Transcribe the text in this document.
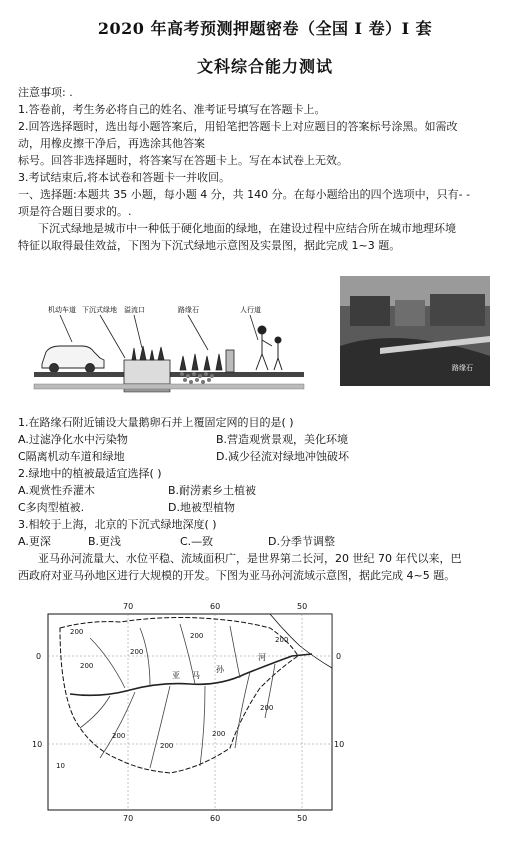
2020 年高考预测押题密卷（全国 I 卷）I 套
文科综合能力测试
注意事项: .
1.答卷前，考生务必将自己的姓名、准考证号填写在答题卡上。
2.回答选择题时，选出每小题答案后，用铅笔把答题卡上对应题目的答案标号涂黑。如需改
动，用橡皮擦干净后，再选涂其他答案
标号。回答非选择题时，将答案写在答题卡上。写在本试卷上无效。
3.考试结束后,将本试卷和答题卡一并收回。
一、选择题:本题共 35 小题，每小题 4 分，共 140 分。在每小题给出的四个选项中，只有- -
项是符合题目要求的。.
下沉式绿地是城市中一种低于硬化地面的绿地，在建设过程中应结合所在城市地理环境
特征以取得最佳效益，下图为下沉式绿地示意图及实景图，据此完成 1~3 题。
机动车道 下沉式绿地 溢流口	路缘石	人行道
路缘石
1.在路缘石附近铺设大量鹅卵石并上覆固定网的目的是( )
A.过滤净化水中污染物	B.营造观赏景观，美化环境
C隔离机动车道和绿地	D.减少径流对绿地冲蚀破坏
2.绿地中的植被最适宜选择( )
A.观赏性乔灌木	B.耐涝素乡土植被
C多肉型植被.	D.地被型植物
3.相较于上海，北京的下沉式绿地深度( )
A.更深	B.更浅	C.—致	D.分季节调整
亚马孙河流量大、水位平稳、流域面积广，是世界第二长河，20 世纪 70 年代以来，巴
西政府对亚马孙地区进行大规模的开发。下图为亚马孙河流域示意图，据此完成 4~5 题。
70	60	50
70	60	50
0
10
0
10
200
200
200	200
200
200
200
200
200
10
亚 马
孙
河
